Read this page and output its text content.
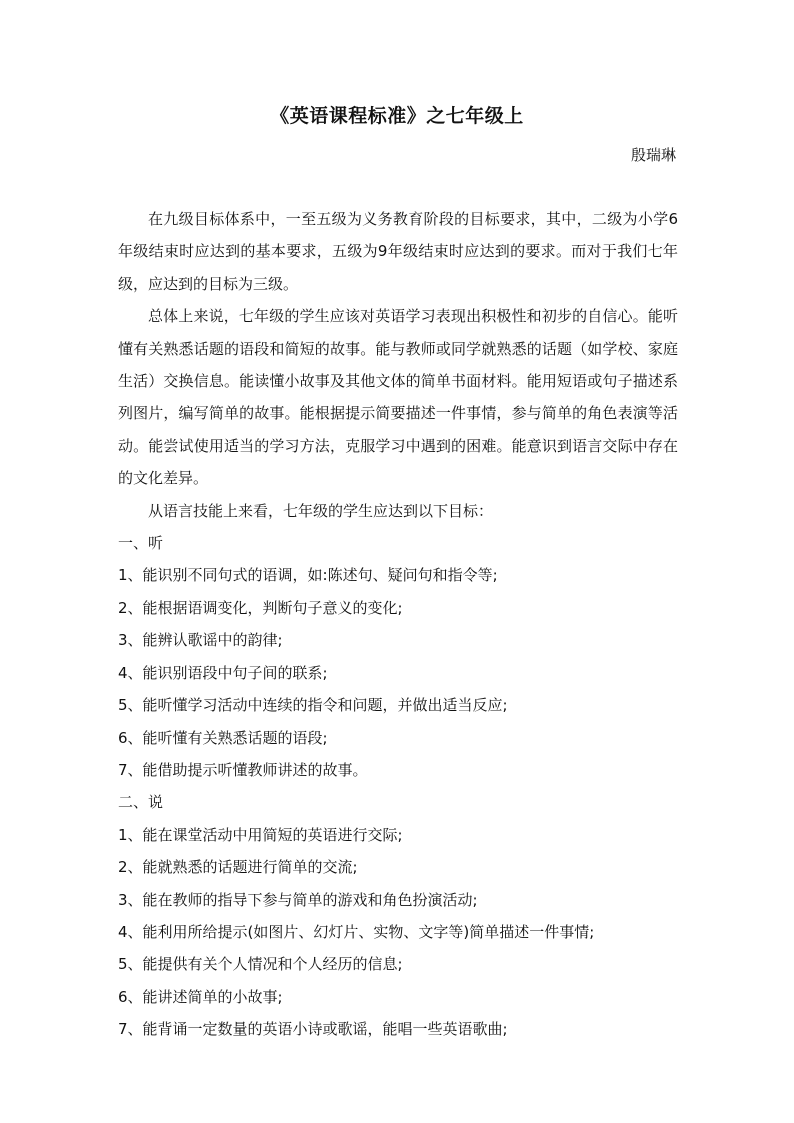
《英语课程标准》之七年级上
殷瑞琳

在九级目标体系中，一至五级为义务教育阶段的目标要求，其中，二级为小学6年级结束时应达到的基本要求，五级为9年级结束时应达到的要求。而对于我们七年级，应达到的目标为三级。

总体上来说，七年级的学生应该对英语学习表现出积极性和初步的自信心。能听懂有关熟悉话题的语段和简短的故事。能与教师或同学就熟悉的话题（如学校、家庭生活）交换信息。能读懂小故事及其他文体的简单书面材料。能用短语或句子描述系列图片，编写简单的故事。能根据提示简要描述一件事情，参与简单的角色表演等活动。能尝试使用适当的学习方法，克服学习中遇到的困难。能意识到语言交际中存在的文化差异。

从语言技能上来看，七年级的学生应达到以下目标：

一、听

1、能识别不同句式的语调，如:陈述句、疑问句和指令等;

2、能根据语调变化，判断句子意义的变化;

3、能辨认歌谣中的韵律;

4、能识别语段中句子间的联系;

5、能听懂学习活动中连续的指令和问题，并做出适当反应;

6、能听懂有关熟悉话题的语段;

7、能借助提示听懂教师讲述的故事。

二、说

1、能在课堂活动中用简短的英语进行交际;

2、能就熟悉的话题进行简单的交流;

3、能在教师的指导下参与简单的游戏和角色扮演活动;

4、能利用所给提示(如图片、幻灯片、实物、文字等)简单描述一件事情;

5、能提供有关个人情况和个人经历的信息;

6、能讲述简单的小故事;

7、能背诵一定数量的英语小诗或歌谣，能唱一些英语歌曲;
